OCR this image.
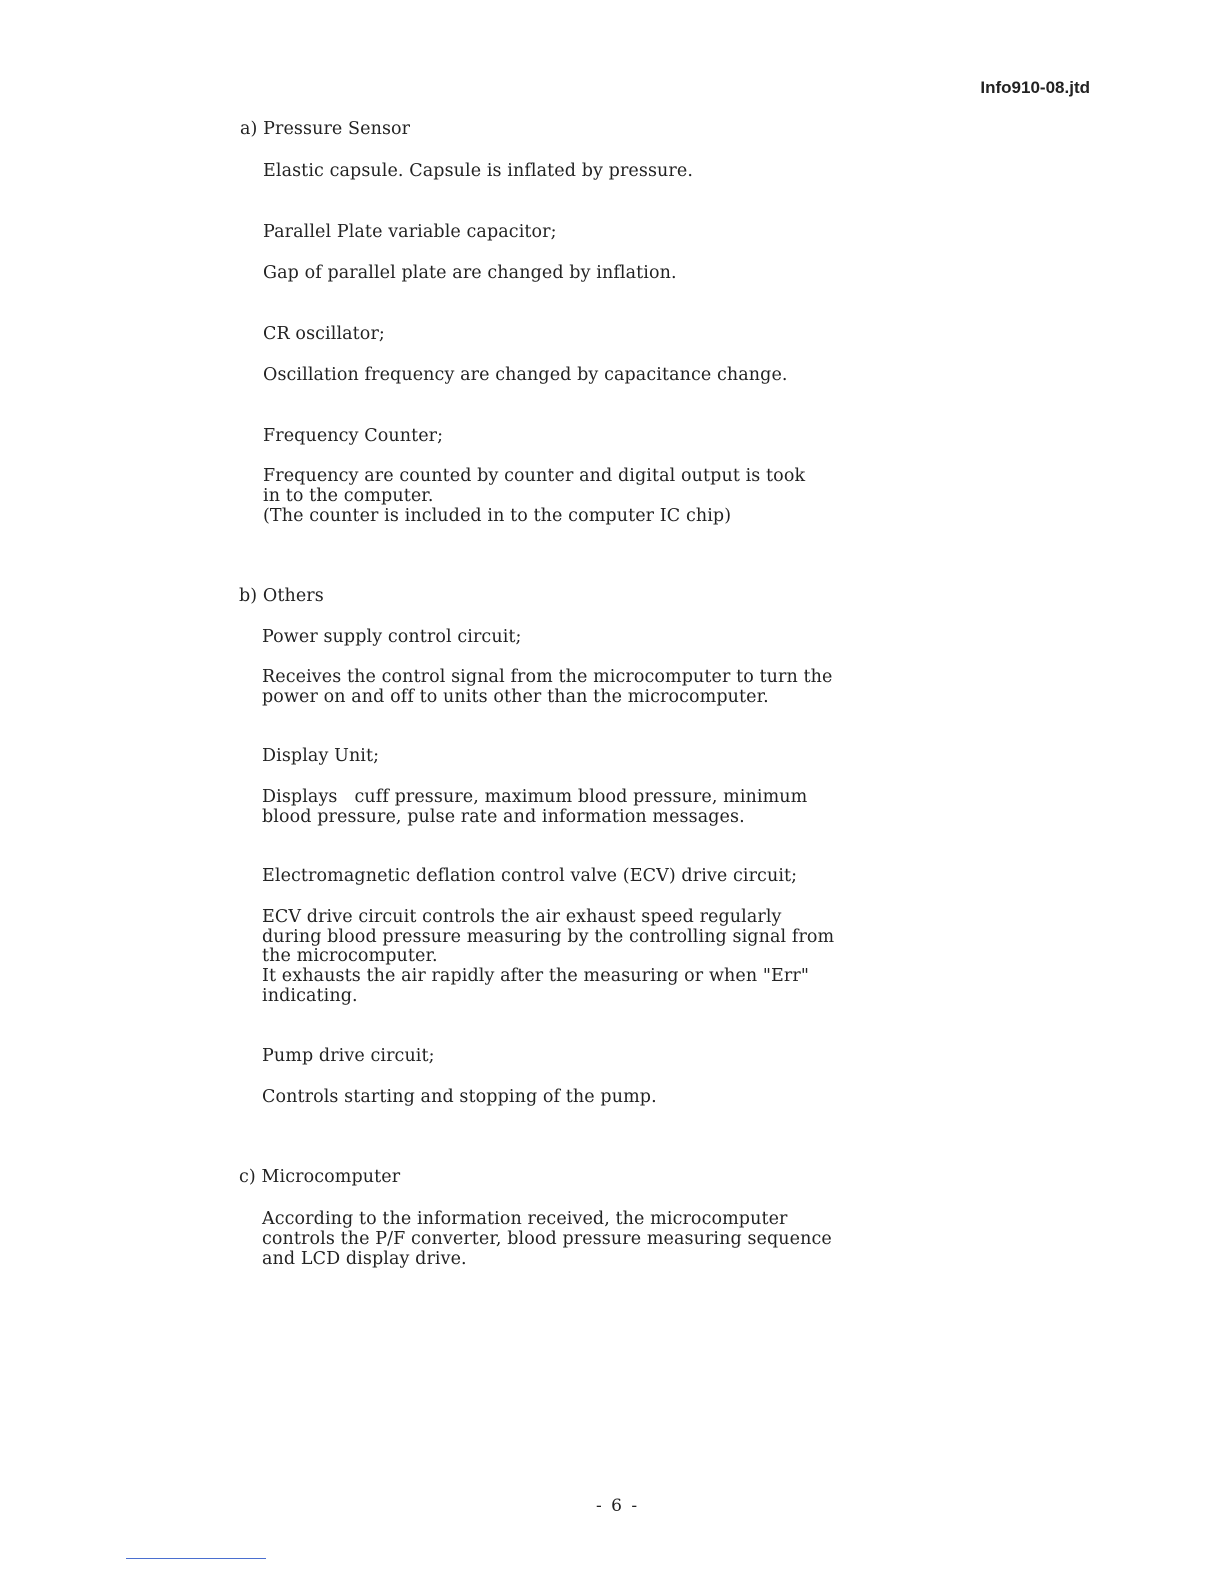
Info910-08.jtd
a) Pressure Sensor
Elastic capsule. Capsule is inflated by pressure.
Parallel Plate variable capacitor;
Gap of parallel plate are changed by inflation.
CR oscillator;
Oscillation frequency are changed by capacitance change.
Frequency Counter;
Frequency are counted by counter and digital output is took
in to the computer.
(The counter is included in to the computer IC chip)
b) Others
Power supply control circuit;
Receives the control signal from the microcomputer to turn the
power on and off to units other than the microcomputer.
Display Unit;
Displays   cuff pressure, maximum blood pressure, minimum
blood pressure, pulse rate and information messages.
Electromagnetic deflation control valve (ECV) drive circuit;
ECV drive circuit controls the air exhaust speed regularly
during blood pressure measuring by the controlling signal from
the microcomputer.
It exhausts the air rapidly after the measuring or when "Err"
indicating.
Pump drive circuit;
Controls starting and stopping of the pump.
c) Microcomputer
According to the information received, the microcomputer
controls the P/F converter, blood pressure measuring sequence
and LCD display drive.
- 6 -
